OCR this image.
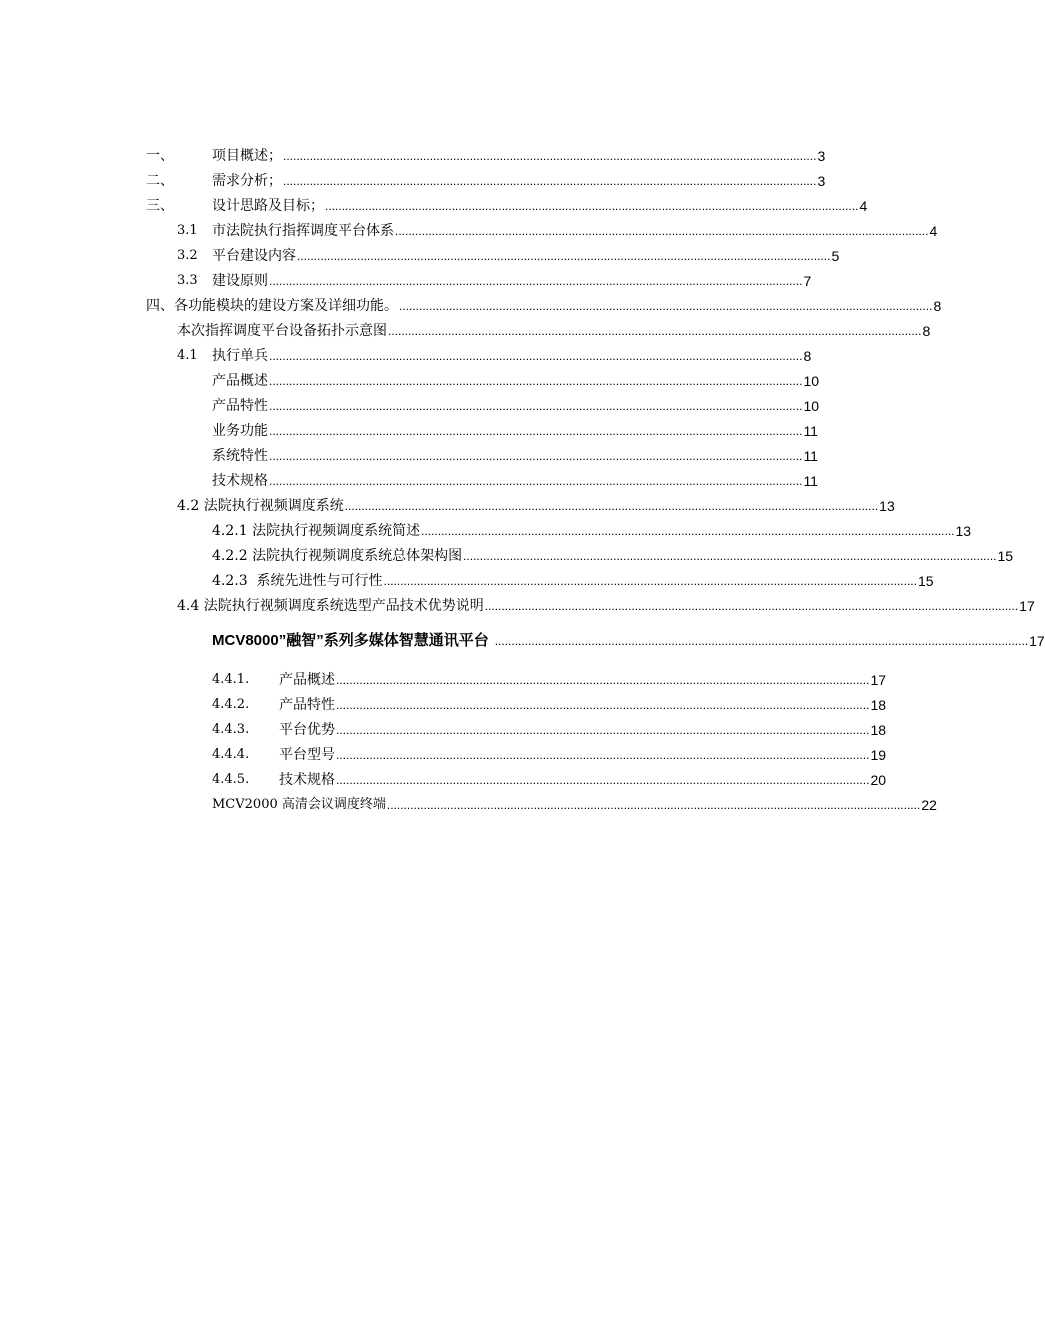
一、	项目概述； ................................................................................................................................................................ 3
二、	需求分析； ................................................................................................................................................................ 3
三、	设计思路及目标； ................................................................................................................................................................ 4
3.1	市法院执行指挥调度平台体系 ................................................................................................................................................................ 4
3.2	平台建设内容 ................................................................................................................................................................ 5
3.3	建设原则 ................................................................................................................................................................ 7
四、各功能模块的建设方案及详细功能。 ................................................................................................................................................................ 8
本次指挥调度平台设备拓扑示意图 ................................................................................................................................................................ 8
4.1	执行单兵 ................................................................................................................................................................ 8
产品概述 ................................................................................................................................................................ 10
产品特性 ................................................................................................................................................................ 10
业务功能 ................................................................................................................................................................ 11
系统特性 ................................................................................................................................................................ 11
技术规格 ................................................................................................................................................................ 11
4.2 法院执行视频调度系统 ................................................................................................................................................................ 13
4.2.1 法院执行视频调度系统简述 ................................................................................................................................................................ 13
4.2.2 法院执行视频调度系统总体架构图 ................................................................................................................................................................ 15
4.2.3  系统先进性与可行性 ................................................................................................................................................................ 15
4.4 法院执行视频调度系统选型产品技术优势说明 ................................................................................................................................................................ 17
MCV8000”融智”系列多媒体智慧通讯平台 ................................................................................................................................................................ 17
4.4.1.	产品概述 ................................................................................................................................................................ 17
4.4.2.	产品特性 ................................................................................................................................................................ 18
4.4.3.	平台优势 ................................................................................................................................................................ 18
4.4.4.	平台型号 ................................................................................................................................................................ 19
4.4.5.	技术规格 ................................................................................................................................................................ 20
MCV2000 高清会议调度终端 ................................................................................................................................................................ 22
